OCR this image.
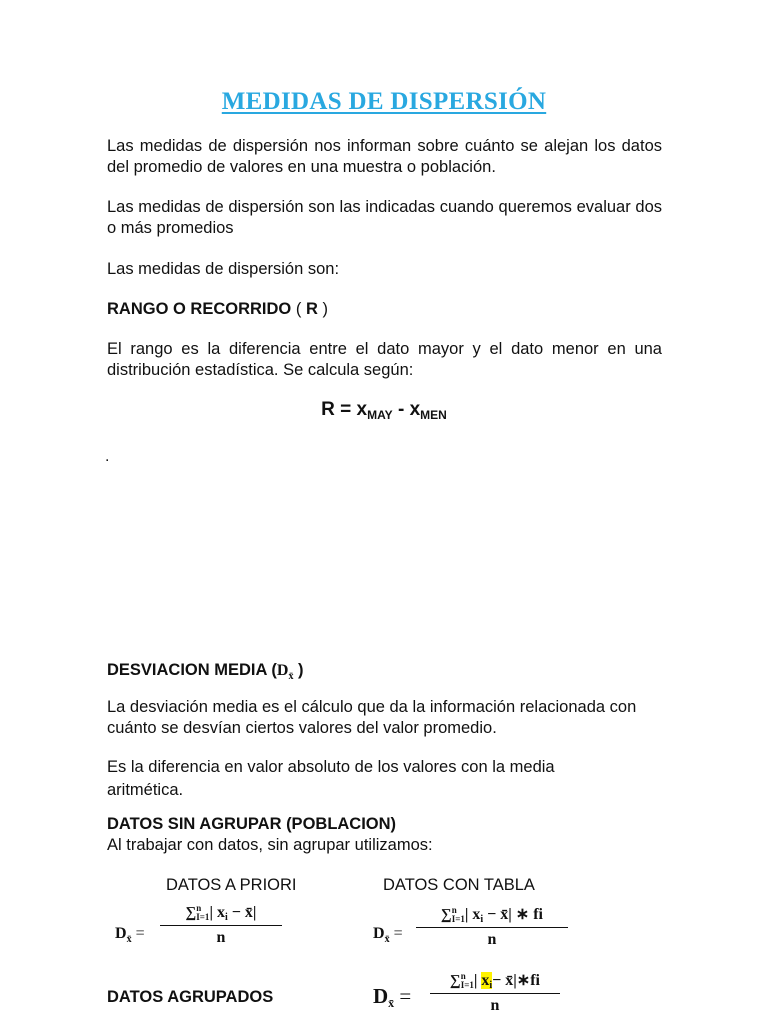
MEDIDAS DE DISPERSIÓN
Las medidas de dispersión nos informan sobre cuánto se alejan los datos del promedio de valores en una muestra o población.
Las medidas de dispersión son las indicadas cuando queremos evaluar dos o más promedios
Las medidas de dispersión son:
RANGO O RECORRIDO ( R )
El rango es la diferencia entre el dato mayor y el dato menor en una distribución estadística. Se calcula según:
$R = x_{MAY} - x_{MEN}$
.
DESVIACION MEDIA ($D_{x̄}$ )
La desviación media es el cálculo que da la información relacionada con cuánto se desvían ciertos valores del valor promedio.
Es la diferencia en valor absoluto de los valores con la media aritmética.
DATOS SIN AGRUPAR (POBLACION)
Al trabajar con datos, sin agrupar utilizamos:
DATOS A PRIORI	DATOS CON TABLA
$D_{x̄}$ =
∑n
I=1| $x_i$ − x̄|
n	$D_{x̄}$ =
∑n
I=1| $x_i$ − x̄| ∗ fi
n
DATOS AGRUPADOS	$D_{x̄}$ =
∑n
I=1| $x_i-$ x̄|∗fi
n
